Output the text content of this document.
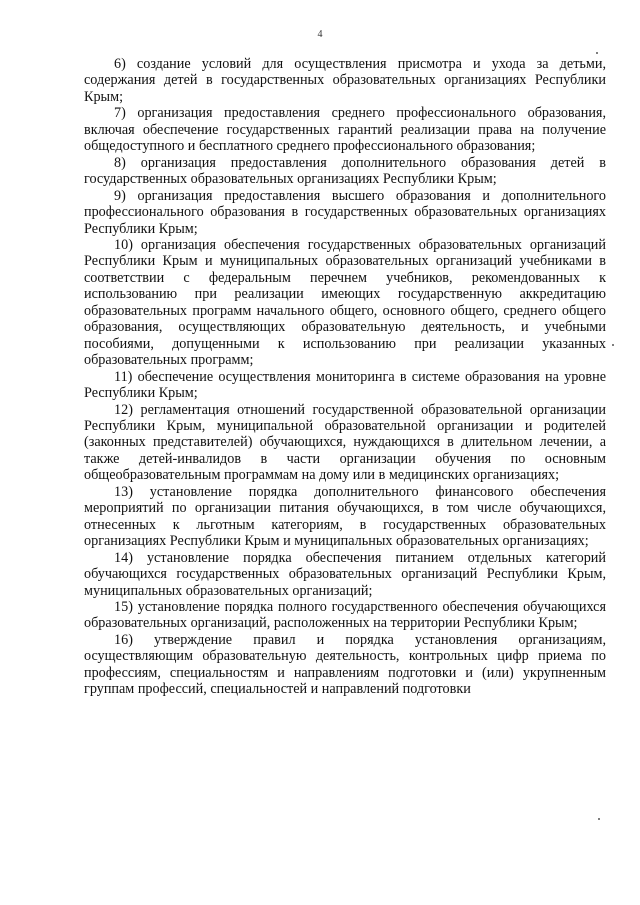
4

6) создание условий для осуществления присмотра и ухода за детьми, содержания детей в государственных образовательных организациях Республики Крым;

7) организация предоставления среднего профессионального образования, включая обеспечение государственных гарантий реализации права на получение общедоступного и бесплатного среднего профессионального образования;

8) организация предоставления дополнительного образования детей в государственных образовательных организациях Республики Крым;

9) организация предоставления высшего образования и дополнительного профессионального образования в государственных образовательных организациях Республики Крым;

10) организация обеспечения государственных образовательных организаций Республики Крым и муниципальных образовательных организаций учебниками в соответствии с федеральным перечнем учебников, рекомендованных к использованию при реализации имеющих государственную аккредитацию образовательных программ начального общего, основного общего, среднего общего образования, осуществляющих образовательную деятельность, и учебными пособиями, допущенными к использованию при реализации указанных образовательных программ;

11) обеспечение осуществления мониторинга в системе образования на уровне Республики Крым;

12) регламентация отношений государственной образовательной организации Республики Крым, муниципальной образовательной организации и родителей (законных представителей) обучающихся, нуждающихся в длительном лечении, а также детей-инвалидов в части организации обучения по основным общеобразовательным программам на дому или в медицинских организациях;

13) установление порядка дополнительного финансового обеспечения мероприятий по организации питания обучающихся, в том числе обучающихся, отнесенных к льготным категориям, в государственных образовательных организациях Республики Крым и муниципальных образовательных организациях;

14) установление порядка обеспечения питанием отдельных категорий обучающихся государственных образовательных организаций Республики Крым, муниципальных образовательных организаций;

15) установление порядка полного государственного обеспечения обучающихся образовательных организаций, расположенных на территории Республики Крым;

16) утверждение правил и порядка установления организациям, осуществляющим образовательную деятельность, контрольных цифр приема по профессиям, специальностям и направлениям подготовки и (или) укрупненным группам профессий, специальностей и направлений подготовки
